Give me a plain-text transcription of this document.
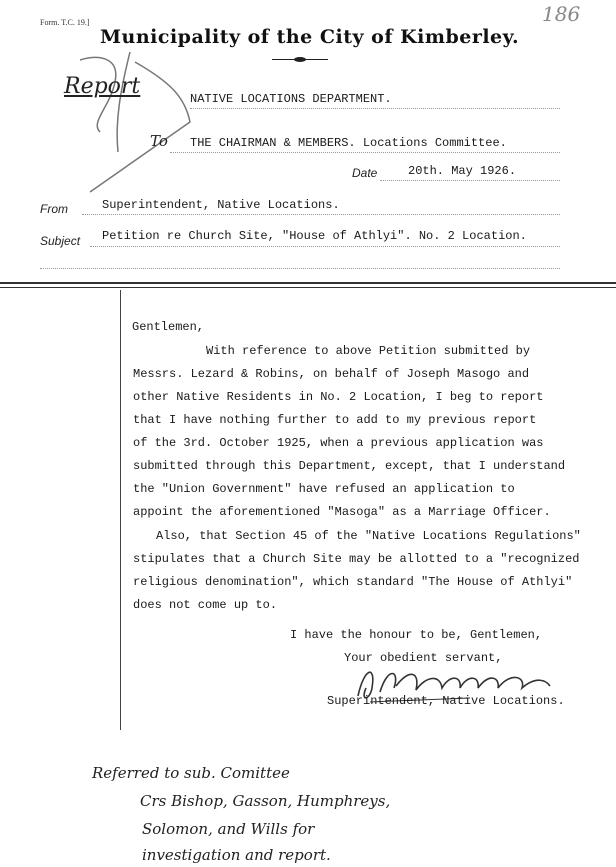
Form. T.C. 19.]	186
Municipality of the City of Kimberley.
Report	NATIVE LOCATIONS DEPARTMENT.
To THE CHAIRMAN & MEMBERS. Locations Committee.
Date	20th. May 1926.
From	Superintendent, Native Locations.
Subject Petition re Church Site, "House of Athlyi". No. 2 Location.
Gentlemen,
With reference to above Petition submitted by
Messrs. Lezard & Robins, on behalf of Joseph Masogo and
other Native Residents in No. 2 Location, I beg to report
that I have nothing further to add to my previous report
of the 3rd. October 1925, when a previous application was
submitted through this Department, except, that I understand
the "Union Government" have refused an application to
appoint the aforementioned "Masoga" as a Marriage Officer.
Also, that Section 45 of the "Native Locations Regulations"
stipulates that a Church Site may be allotted to a "recognized
religious denomination", which standard "The House of Athlyi"
does not come up to.
I have the honour to be, Gentlemen,
Your obedient servant,
Superintendent, Native Locations.
Referred to sub. Comittee
Crs Bishop, Gasson, Humphreys,
Solomon, and Wills for
investigation and report.
